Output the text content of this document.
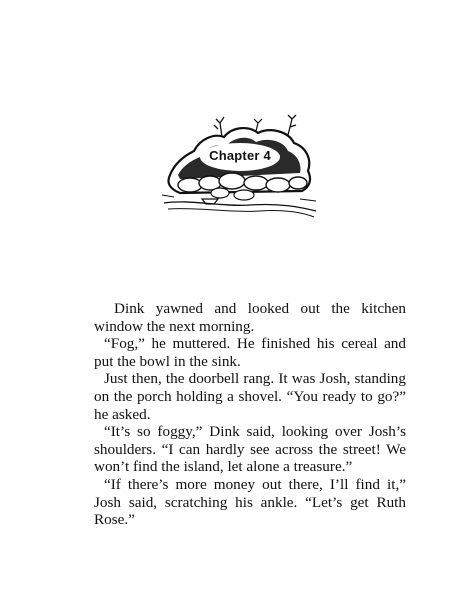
Chapter 4

Dink yawned and looked out the kitchen window the next morning.

“Fog,” he muttered. He finished his cereal and put the bowl in the sink.

Just then, the doorbell rang. It was Josh, standing on the porch holding a shovel. “You ready to go?” he asked.

“It’s so foggy,” Dink said, looking over Josh’s shoulders. “I can hardly see across the street! We won’t find the island, let alone a treasure.”

“If there’s more money out there, I’ll find it,” Josh said, scratching his ankle. “Let’s get Ruth Rose.”
